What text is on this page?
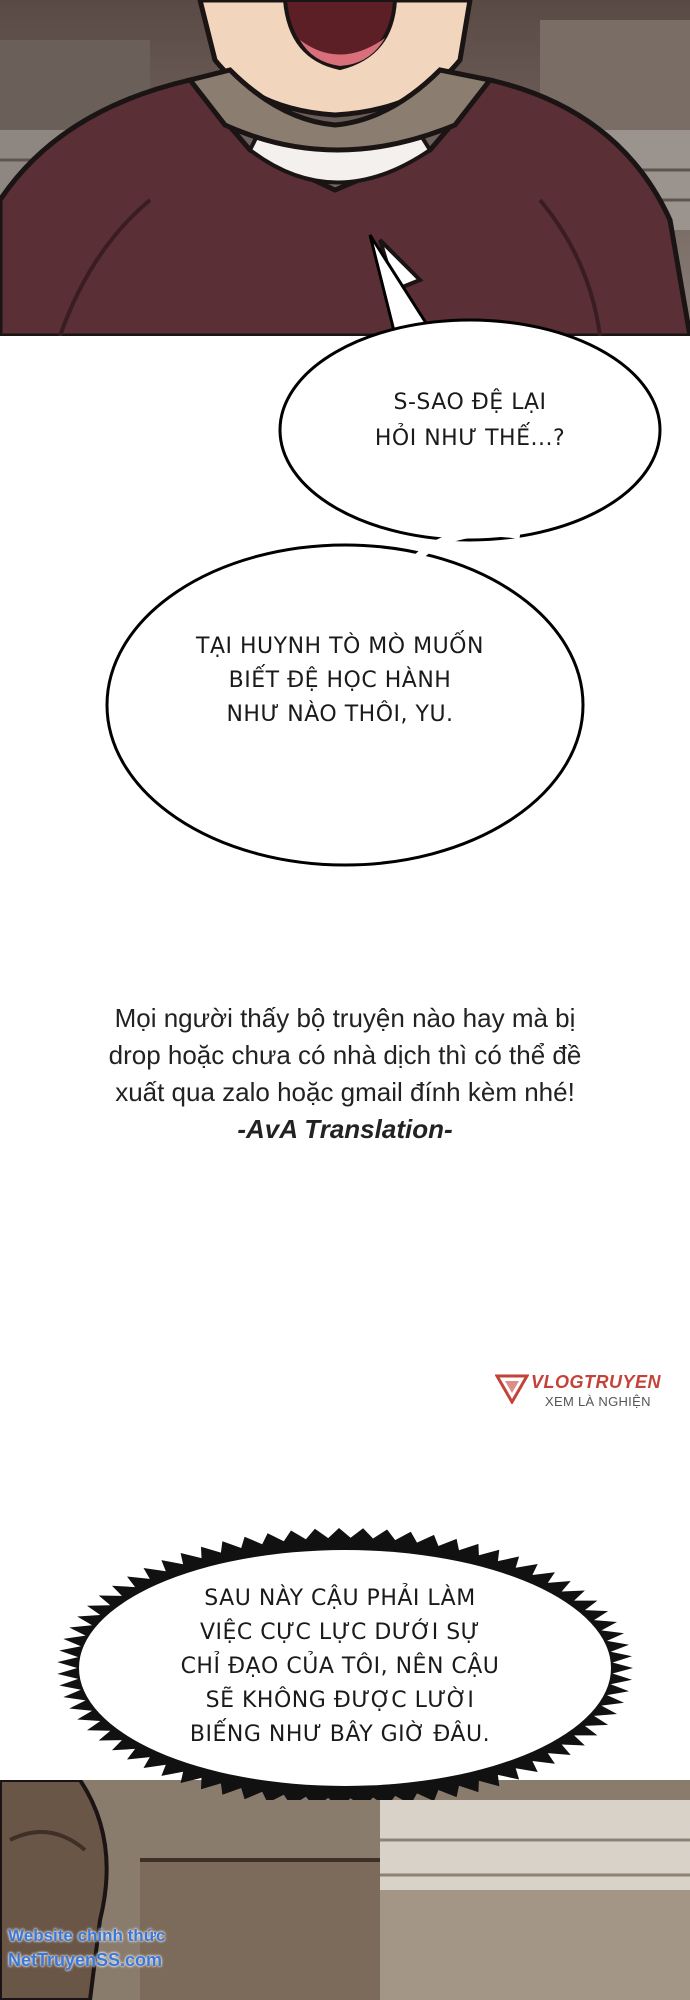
S-SAO ĐỆ LẠI
HỎI NHƯ THẾ...?
TẠI HUYNH TÒ MÒ MUỐN
BIẾT ĐỆ HỌC HÀNH
NHƯ NÀO THÔI, YU.
Mọi người thấy bộ truyện nào hay mà bị
drop hoặc chưa có nhà dịch thì có thể đề
xuất qua zalo hoặc gmail đính kèm nhé!
-AvA Translation-
VLOGTRUYEN
XEM LÀ NGHIỆN
SAU NÀY CẬU PHẢI LÀM
VIỆC CỰC LỰC DƯỚI SỰ
CHỈ ĐẠO CỦA TÔI, NÊN CẬU
SẼ KHÔNG ĐƯỢC LƯỜI
BIẾNG NHƯ BÂY GIỜ ĐÂU.
Website chính thức
NetTruyenSS.com
